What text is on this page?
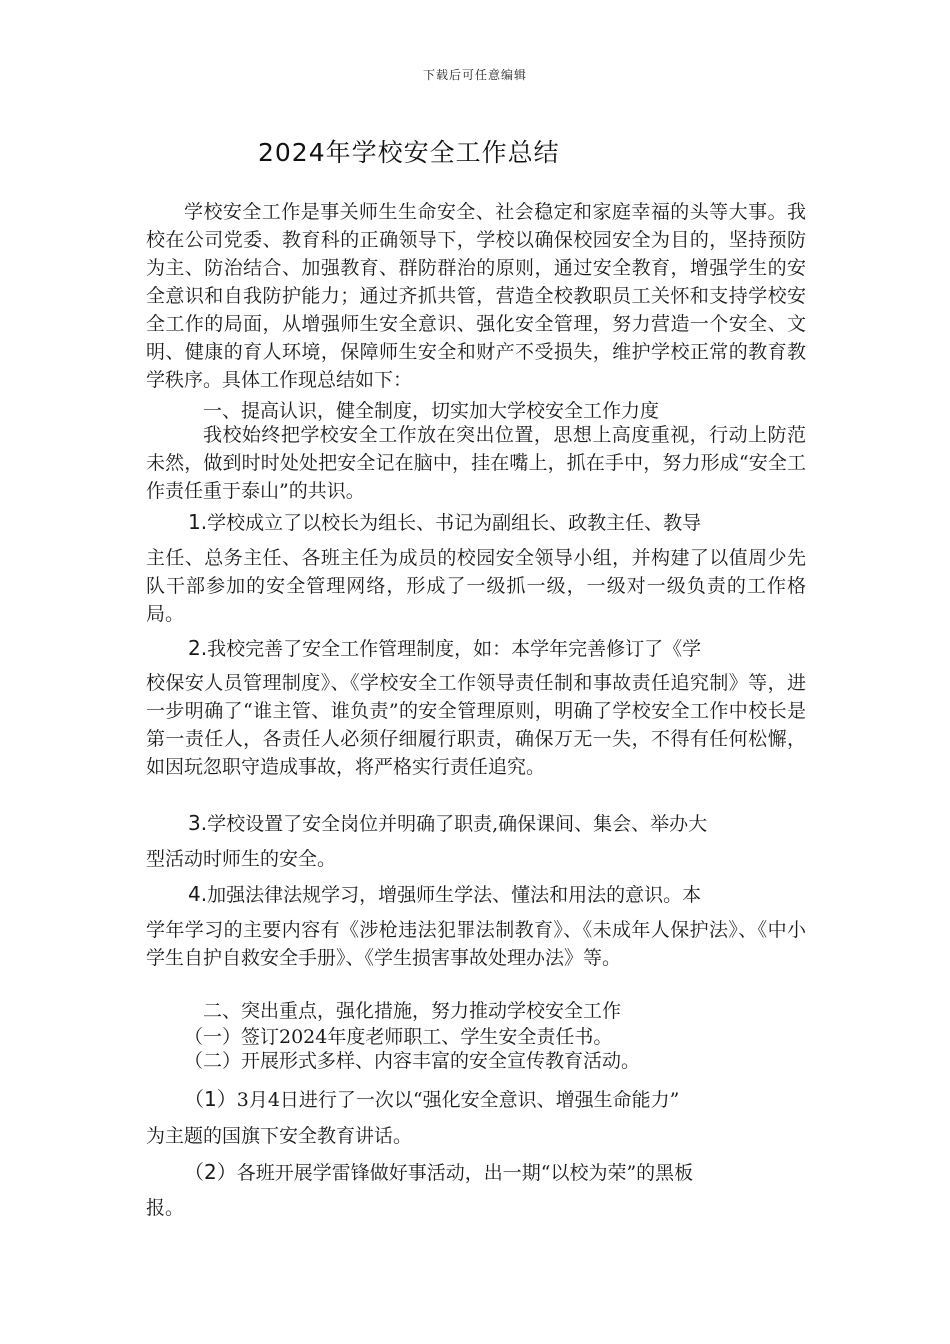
下载后可任意编辑
2024年学校安全工作总结

学校安全工作是事关师生生命安全、社会稳定和家庭幸福的头等大事。我校在公司党委、教育科的正确领导下，学校以确保校园安全为目的，坚持预防为主、防治结合、加强教育、群防群治的原则，通过安全教育，增强学生的安全意识和自我防护能力；通过齐抓共管，营造全校教职员工关怀和支持学校安全工作的局面，从增强师生安全意识、强化安全管理，努力营造一个安全、文明、健康的育人环境，保障师生安全和财产不受损失，维护学校正常的教育教学秩序。具体工作现总结如下：

一、提高认识，健全制度，切实加大学校安全工作力度

我校始终把学校安全工作放在突出位置，思想上高度重视，行动上防范未然，做到时时处处把安全记在脑中，挂在嘴上，抓在手中，努力形成“安全工作责任重于泰山”的共识。

1.学校成立了以校长为组长、书记为副组长、政教主任、教导

主任、总务主任、各班主任为成员的校园安全领导小组，并构建了以值周少先队干部参加的安全管理网络，形成了一级抓一级，一级对一级负责的工作格局。

2.我校完善了安全工作管理制度，如：本学年完善修订了《学

校保安人员管理制度》、《学校安全工作领导责任制和事故责任追究制》等，进一步明确了“谁主管、谁负责”的安全管理原则，明确了学校安全工作中校长是第一责任人，各责任人必须仔细履行职责，确保万无一失，不得有任何松懈，如因玩忽职守造成事故，将严格实行责任追究。

3.学校设置了安全岗位并明确了职责,确保课间、集会、举办大

型活动时师生的安全。

4.加强法律法规学习，增强师生学法、懂法和用法的意识。本

学年学习的主要内容有《涉枪违法犯罪法制教育》、《未成年人保护法》、《中小学生自护自救安全手册》、《学生损害事故处理办法》等。

二、突出重点，强化措施，努力推动学校安全工作
（一）签订2024年度老师职工、学生安全责任书。
（二）开展形式多样、内容丰富的安全宣传教育活动。
（1）3月4日进行了一次以“强化安全意识、增强生命能力”
为主题的国旗下安全教育讲话。
（2）各班开展学雷锋做好事活动，出一期“以校为荣”的黑板
报。
